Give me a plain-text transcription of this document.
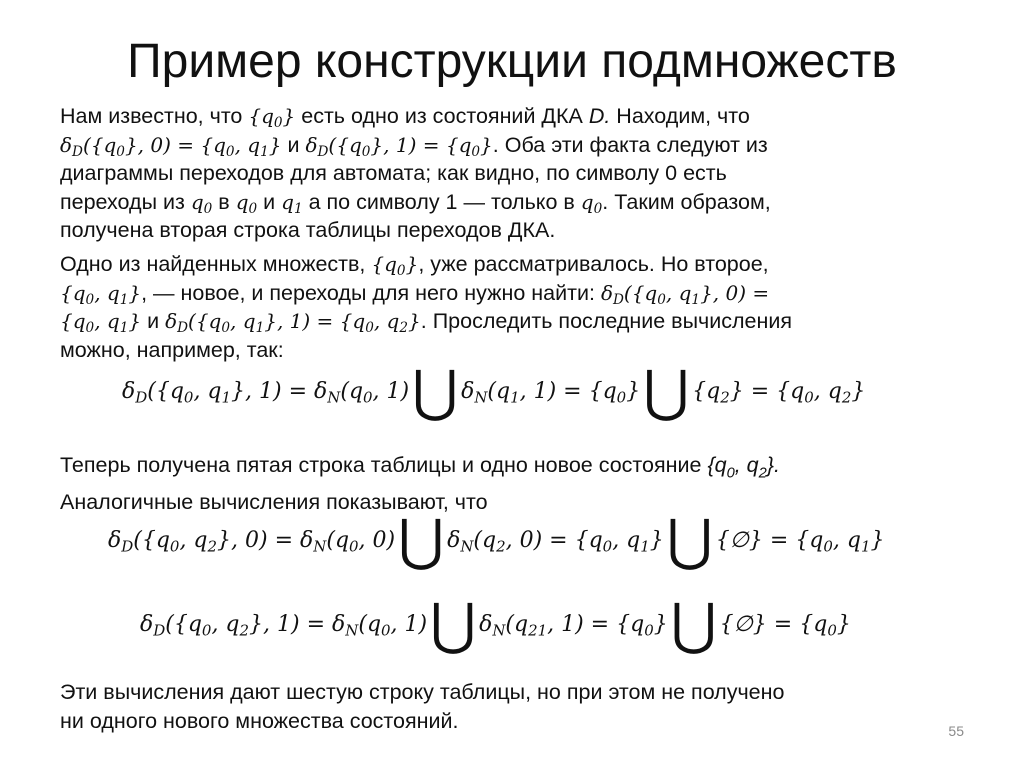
Пример конструкции подмножеств
Нам известно, что $\{q_0\}$ есть одно из состояний ДКА D. Находим, что
$\delta_D(\{q_0\}$, $0) = \{q_0$, $q_1$} и $\delta_D(\{q_0\}$, $1) = \{q_0\}$. Оба эти факта следуют из
диаграммы переходов для автомата; как видно, по символу 0 есть
переходы из $q_0$ в $q_0$ и $q_1$ а по символу 1 — только в $q_0$. Таким образом,
получена вторая строка таблицы переходов ДКА.
Одно из найденных множеств, $\{q_0\}$, уже рассматривалось. Но второе,
{$q_0$, $q_1$}, — новое, и переходы для него нужно найти: $\delta_D(\{q_0$, $q_1$}, 0) =
{$q_0$, $q_1$} и $\delta_D(\{q_0$, $q_1$}, $1) = \{q_0$, $q_2$}. Проследить последние вычисления
можно, например, так:
$\delta_D(\{q_0$, $q_1$}, $1) = \delta_N(q_0$, 1)⋃ $\delta_N(q_1$, $1) = \{q_0\}⋃$ $\{q_2\} = \{q_0$, $q_2$}
Теперь получена пятая строка таблицы и одно новое состояние {$q_0$, $q_2$}.
Аналогичные вычисления показывают, что
$\delta_D(\{q_0$, $q_2$}, $0) = \delta_N(q_0$, 0)⋃ $\delta_N(q_2$, $0) = \{q_0$, $q_1\}⋃$ {∅} = {$q_0$, $q_1$}
$\delta_D(\{q_0$, $q_2$}, $1) = \delta_N(q_0$, 1)⋃ $\delta_N(q_{21}$, $1) = \{q_0\}⋃$ {∅} = $\{q_0\}$
Эти вычисления дают шестую строку таблицы, но при этом не получено
ни одного нового множества состояний.	55
